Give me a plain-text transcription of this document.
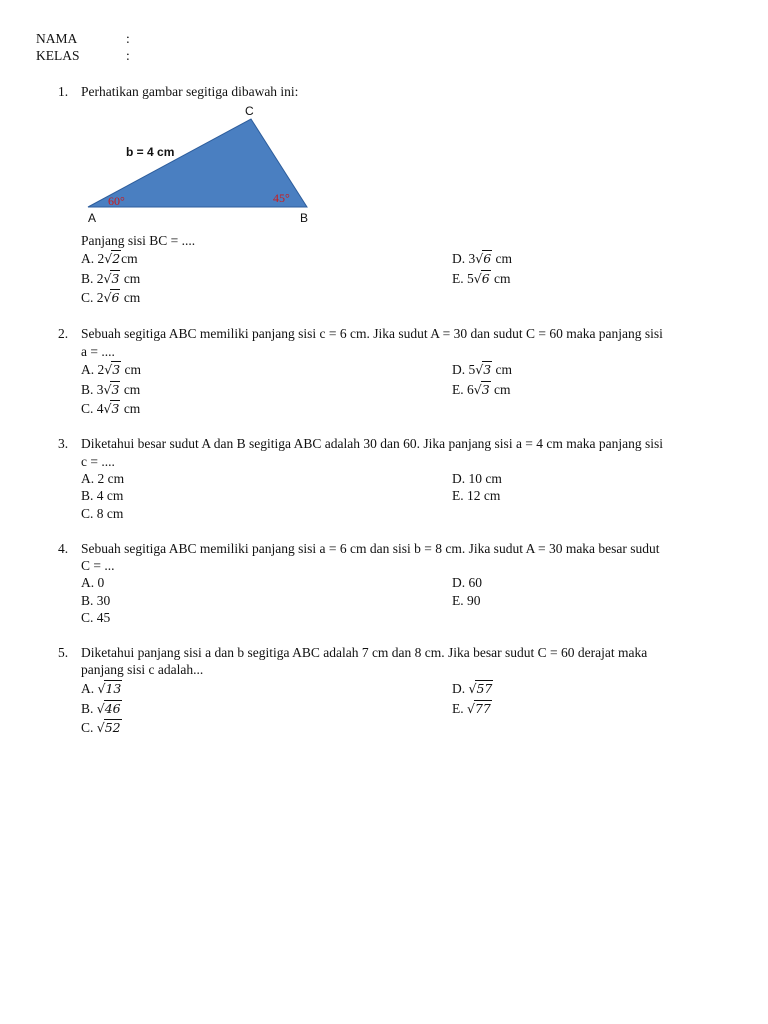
NAMA	:
KELAS	:
1. Perhatikan gambar segitiga dibawah ini:
C
A	B
b = 4 cm
60°	45°
Panjang sisi BC = ....
A. 2√2cm
B. 2√3 cm
C. 2√6 cm
D. 3√6 cm
E. 5√6 cm
2. Sebuah segitiga ABC memiliki panjang sisi c = 6 cm. Jika sudut A = 30 dan sudut C = 60 maka panjang sisi
a = ....
A. 2√3 cm
B. 3√3 cm
C. 4√3 cm
D. 5√3 cm
E. 6√3 cm
3. Diketahui besar sudut A dan B segitiga ABC adalah 30 dan 60. Jika panjang sisi a = 4 cm maka panjang sisi
c = ....
A. 2 cm
B. 4 cm
C. 8 cm
D. 10 cm
E. 12 cm
4. Sebuah segitiga ABC memiliki panjang sisi a = 6 cm dan sisi b = 8 cm. Jika sudut A = 30 maka besar sudut
C = ...
A. 0
B. 30
C. 45
D. 60
E. 90
5. Diketahui panjang sisi a dan b segitiga ABC adalah 7 cm dan 8 cm. Jika besar sudut C = 60 derajat maka
panjang sisi c adalah...
A. √13
B. √46
C. √52
D. √57
E. √77
